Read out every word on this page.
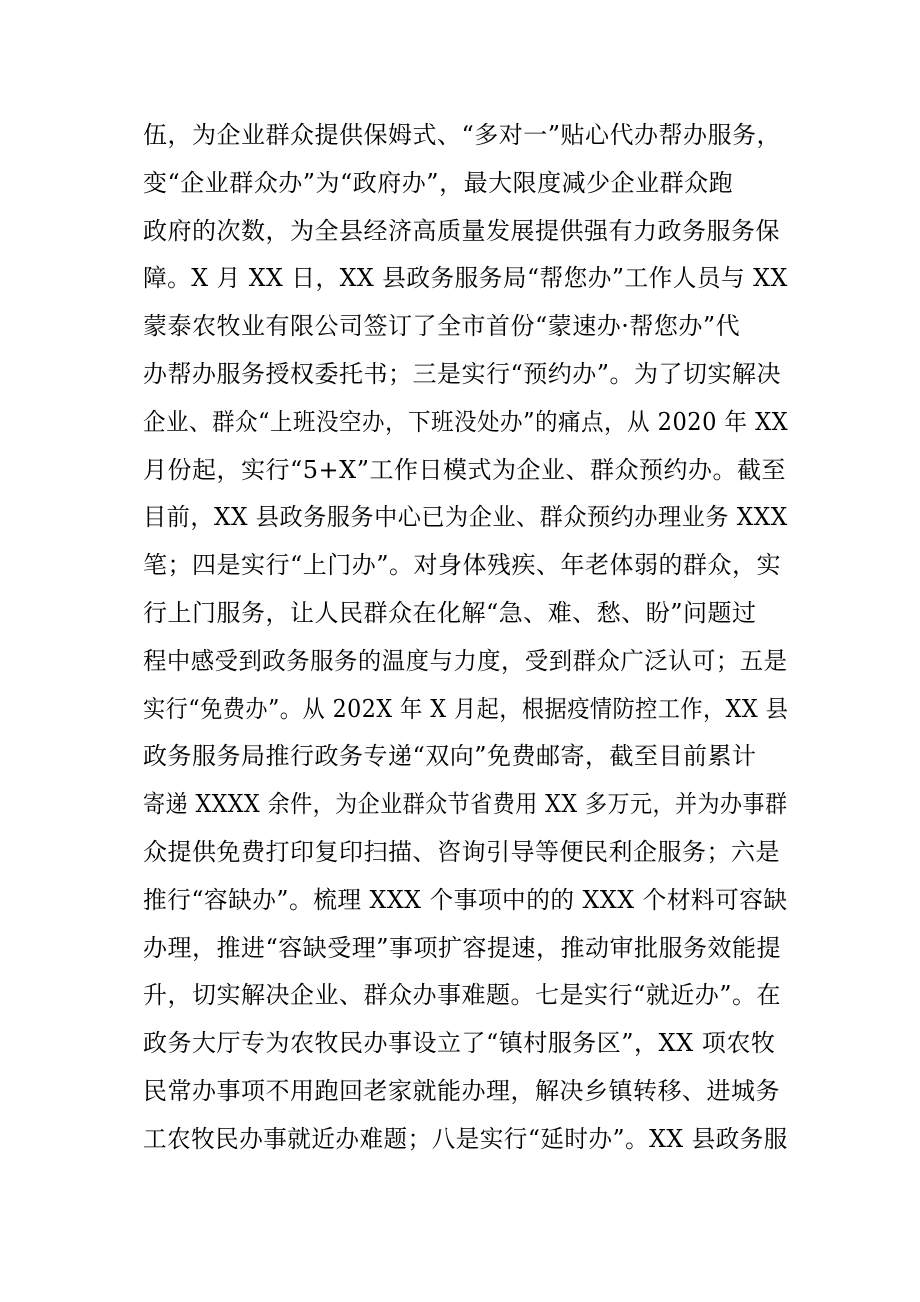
伍，为企业群众提供保姆式、“多对一”贴心代办帮办服务，
变“企业群众办”为“政府办”，最大限度减少企业群众跑
政府的次数，为全县经济高质量发展提供强有力政务服务保
障。X 月 XX 日，XX 县政务服务局“帮您办”工作人员与 XX
蒙泰农牧业有限公司签订了全市首份“蒙速办·帮您办”代
办帮办服务授权委托书；三是实行“预约办”。为了切实解决
企业、群众“上班没空办，下班没处办”的痛点，从 2020 年 XX
月份起，实行“5+X”工作日模式为企业、群众预约办。截至
目前，XX 县政务服务中心已为企业、群众预约办理业务 XXX
笔；四是实行“上门办”。对身体残疾、年老体弱的群众，实
行上门服务，让人民群众在化解“急、难、愁、盼”问题过
程中感受到政务服务的温度与力度，受到群众广泛认可；五是
实行“免费办”。从 202X 年 X 月起，根据疫情防控工作，XX 县
政务服务局推行政务专递“双向”免费邮寄，截至目前累计
寄递 XXXX 余件，为企业群众节省费用 XX 多万元，并为办事群
众提供免费打印复印扫描、咨询引导等便民利企服务；六是
推行“容缺办”。梳理 XXX 个事项中的的 XXX 个材料可容缺
办理，推进“容缺受理”事项扩容提速，推动审批服务效能提
升，切实解决企业、群众办事难题。七是实行“就近办”。在
政务大厅专为农牧民办事设立了“镇村服务区”，XX 项农牧
民常办事项不用跑回老家就能办理，解决乡镇转移、进城务
工农牧民办事就近办难题；八是实行“延时办”。XX 县政务服
